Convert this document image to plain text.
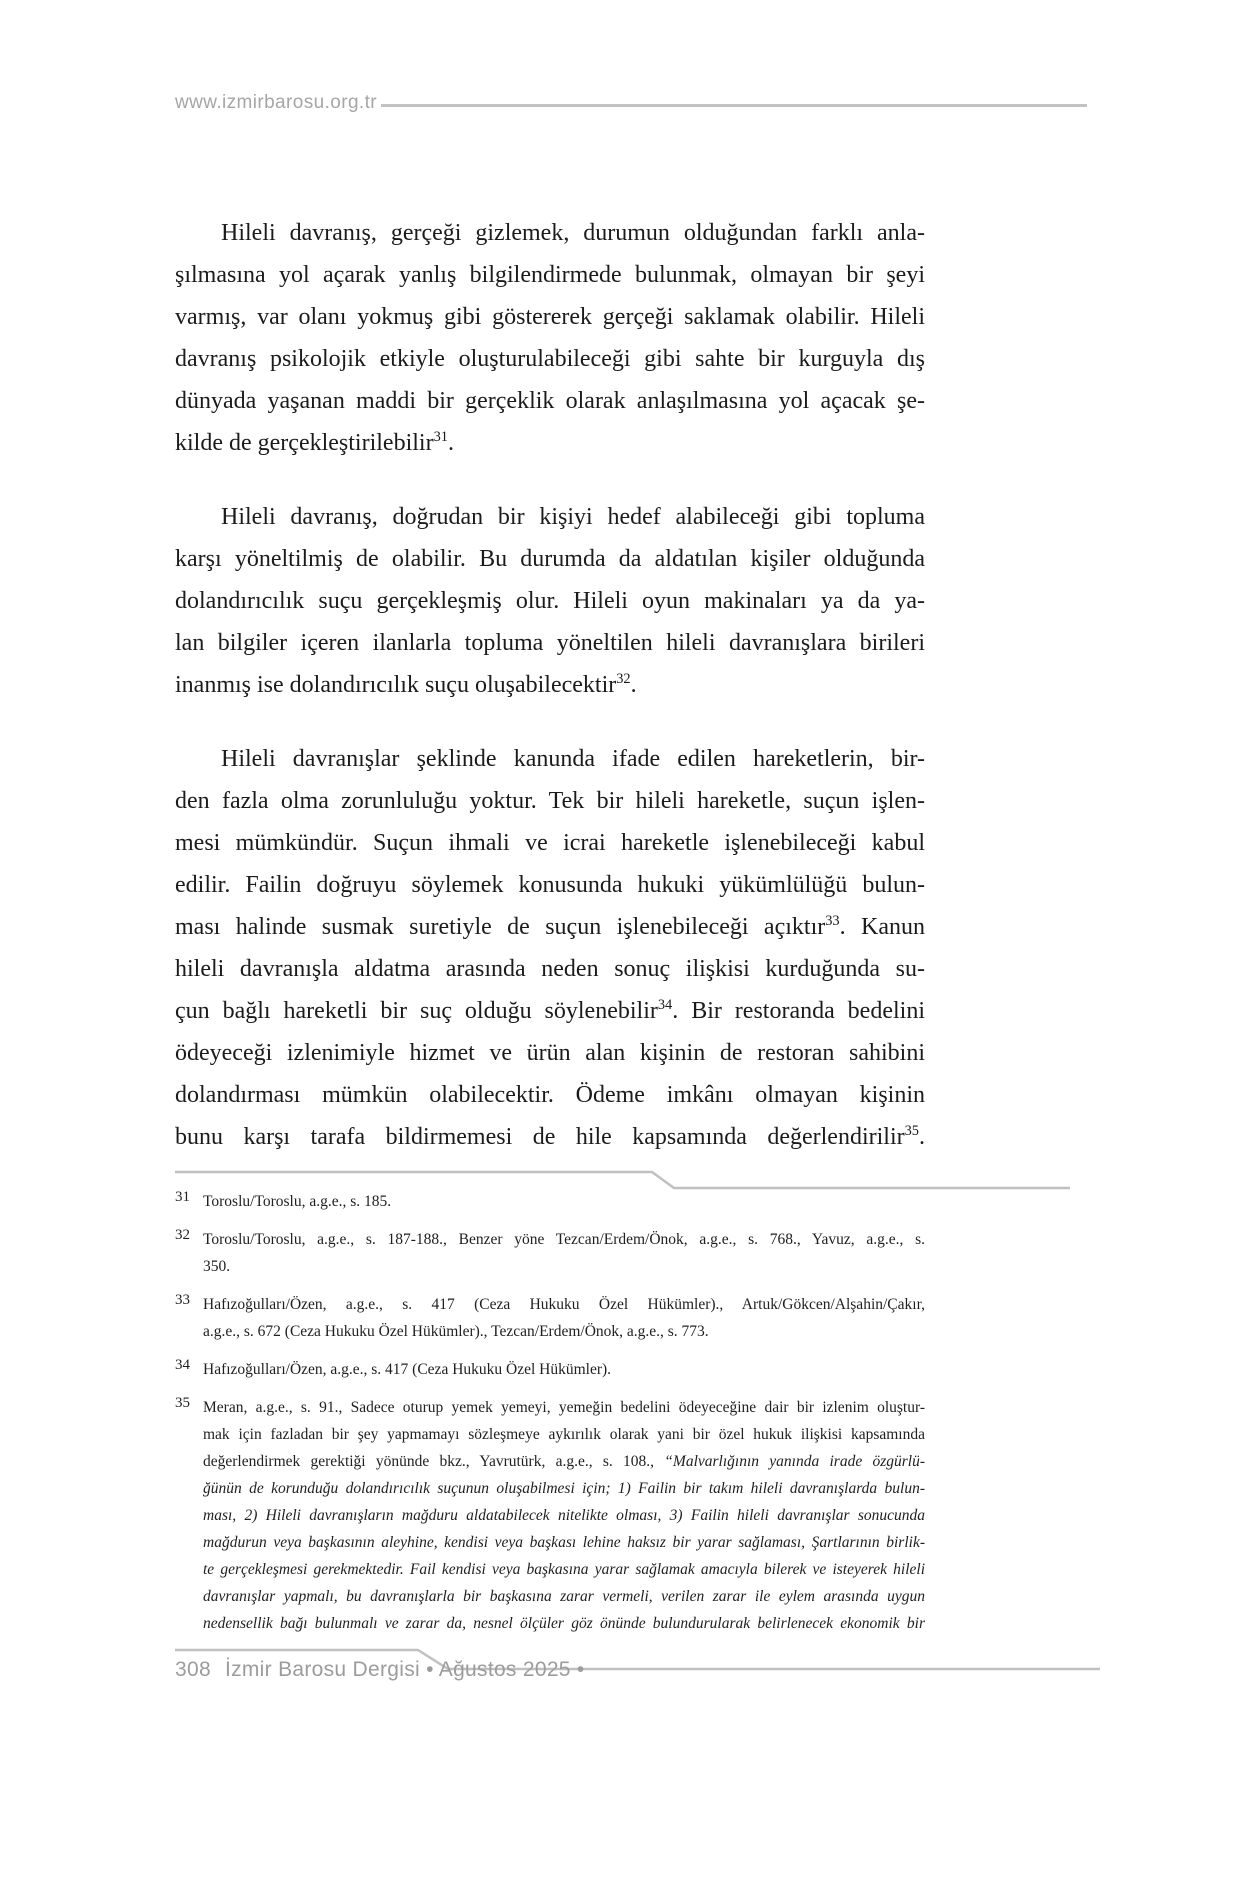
www.izmirbarosu.org.tr
Hileli davranış, gerçeği gizlemek, durumun olduğundan farklı anla-
şılmasına yol açarak yanlış bilgilendirmede bulunmak, olmayan bir şeyi
varmış, var olanı yokmuş gibi göstererek gerçeği saklamak olabilir. Hileli
davranış psikolojik etkiyle oluşturulabileceği gibi sahte bir kurguyla dış
dünyada yaşanan maddi bir gerçeklik olarak anlaşılmasına yol açacak şe-
kilde de gerçekleştirilebilir$^{31}$.
Hileli davranış, doğrudan bir kişiyi hedef alabileceği gibi topluma
karşı yöneltilmiş de olabilir. Bu durumda da aldatılan kişiler olduğunda
dolandırıcılık suçu gerçekleşmiş olur. Hileli oyun makinaları ya da ya-
lan bilgiler içeren ilanlarla topluma yöneltilen hileli davranışlara birileri
inanmış ise dolandırıcılık suçu oluşabilecektir$^{32}$.
Hileli davranışlar şeklinde kanunda ifade edilen hareketlerin, bir-
den fazla olma zorunluluğu yoktur. Tek bir hileli hareketle, suçun işlen-
mesi mümkündür. Suçun ihmali ve icrai hareketle işlenebileceği kabul
edilir. Failin doğruyu söylemek konusunda hukuki yükümlülüğü bulun-
ması halinde susmak suretiyle de suçun işlenebileceği açıktır$^{33}$. Kanun
hileli davranışla aldatma arasında neden sonuç ilişkisi kurduğunda su-
çun bağlı hareketli bir suç olduğu söylenebilir$^{34}$. Bir restoranda bedelini
ödeyeceği izlenimiyle hizmet ve ürün alan kişinin de restoran sahibini
dolandırması mümkün olabilecektir. Ödeme imkânı olmayan kişinin
bunu karşı tarafa bildirmemesi de hile kapsamında değerlendirilir$^{35}$.
31 Toroslu/Toroslu, a.g.e., s. 185.
32 Toroslu/Toroslu, a.g.e., s. 187-188., Benzer yöne Tezcan/Erdem/Önok, a.g.e., s. 768., Yavuz, a.g.e., s.
350.
33 Hafızoğulları/Özen, a.g.e., s. 417 (Ceza Hukuku Özel Hükümler)., Artuk/Gökcen/Alşahin/Çakır,
a.g.e., s. 672 (Ceza Hukuku Özel Hükümler)., Tezcan/Erdem/Önok, a.g.e., s. 773.
34 Hafızoğulları/Özen, a.g.e., s. 417 (Ceza Hukuku Özel Hükümler).
35 Meran, a.g.e., s. 91., Sadece oturup yemek yemeyi, yemeğin bedelini ödeyeceğine dair bir izlenim oluştur-
mak için fazladan bir şey yapmamayı sözleşmeye aykırılık olarak yani bir özel hukuk ilişkisi kapsamında
değerlendirmek gerektiği yönünde bkz., Yavrutürk, a.g.e., s. 108., “Malvarlığının yanında irade özgürlü-
ğünün de korunduğu dolandırıcılık suçunun oluşabilmesi için; 1) Failin bir takım hileli davranışlarda bulun-
ması, 2) Hileli davranışların mağduru aldatabilecek nitelikte olması, 3) Failin hileli davranışlar sonucunda
mağdurun veya başkasının aleyhine, kendisi veya başkası lehine haksız bir yarar sağlaması, Şartlarının birlik-
te gerçekleşmesi gerekmektedir. Fail kendisi veya başkasına yarar sağlamak amacıyla bilerek ve isteyerek hileli
davranışlar yapmalı, bu davranışlarla bir başkasına zarar vermeli, verilen zarar ile eylem arasında uygun
nedensellik bağı bulunmalı ve zarar da, nesnel ölçüler göz önünde bulundurularak belirlenecek ekonomik bir
308 İzmir Barosu Dergisi • Ağustos 2025 •
